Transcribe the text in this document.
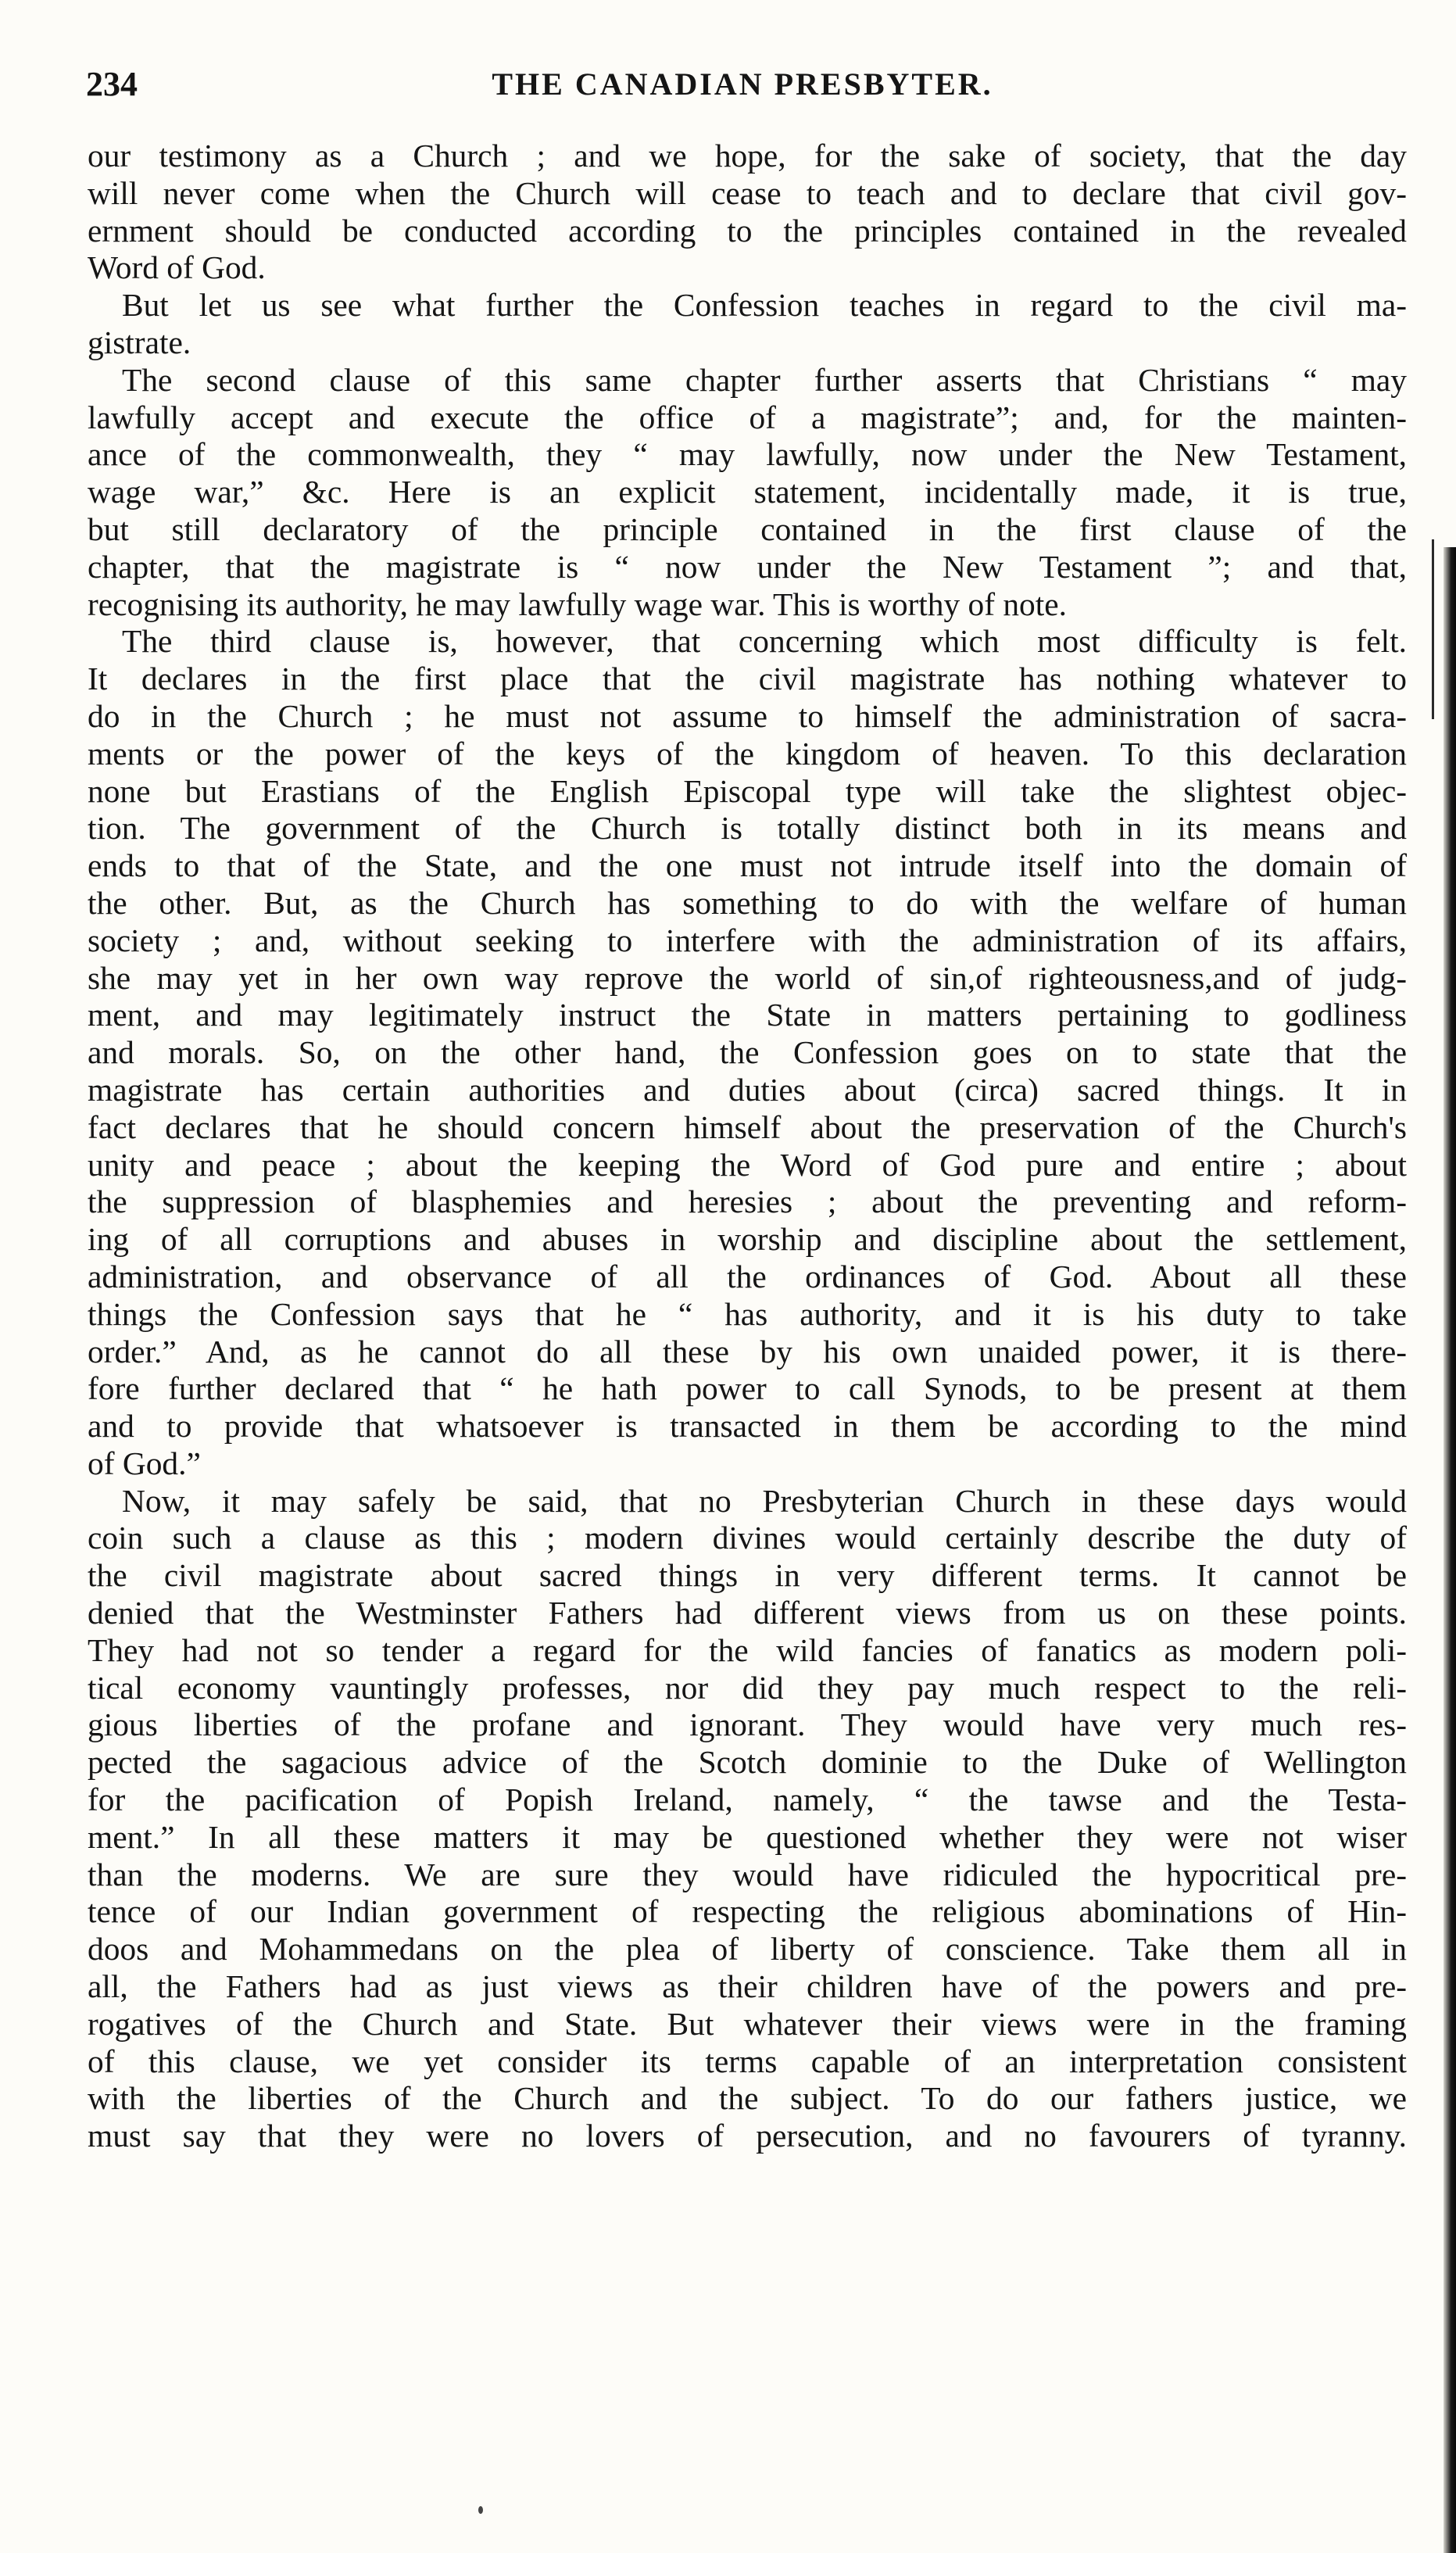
234	THE CANADIAN PRESBYTER.
our testimony as a Church ; and we hope, for the sake of society, that the day
will never come when the Church will cease to teach and to declare that civil gov-
ernment should be conducted according to the principles contained in the revealed
Word of God.
But let us see what further the Confession teaches in regard to the civil ma-
gistrate.
The second clause of this same chapter further asserts that Christians “ may
lawfully accept and execute the office of a magistrate”; and, for the mainten-
ance of the commonwealth, they “ may lawfully, now under the New Testament,
wage war,” &c. Here is an explicit statement, incidentally made, it is true,
but still declaratory of the principle contained in the first clause of the
chapter, that the magistrate is “ now under the New Testament ”; and that,
recognising its authority, he may lawfully wage war. This is worthy of note.
The third clause is, however, that concerning which most difficulty is felt.
It declares in the first place that the civil magistrate has nothing whatever to
do in the Church ; he must not assume to himself the administration of sacra-
ments or the power of the keys of the kingdom of heaven. To this declaration
none but Erastians of the English Episcopal type will take the slightest objec-
tion. The government of the Church is totally distinct both in its means and
ends to that of the State, and the one must not intrude itself into the domain of
the other. But, as the Church has something to do with the welfare of human
society ; and, without seeking to interfere with the administration of its affairs,
she may yet in her own way reprove the world of sin,of righteousness,and of judg-
ment, and may legitimately instruct the State in matters pertaining to godliness
and morals. So, on the other hand, the Confession goes on to state that the
magistrate has certain authorities and duties about (circa) sacred things. It in
fact declares that he should concern himself about the preservation of the Church's
unity and peace ; about the keeping the Word of God pure and entire ; about
the suppression of blasphemies and heresies ; about the preventing and reform-
ing of all corruptions and abuses in worship and discipline about the settlement,
administration, and observance of all the ordinances of God. About all these
things the Confession says that he “ has authority, and it is his duty to take
order.” And, as he cannot do all these by his own unaided power, it is there-
fore further declared that “ he hath power to call Synods, to be present at them
and to provide that whatsoever is transacted in them be according to the mind
of God.”
Now, it may safely be said, that no Presbyterian Church in these days would
coin such a clause as this ; modern divines would certainly describe the duty of
the civil magistrate about sacred things in very different terms. It cannot be
denied that the Westminster Fathers had different views from us on these points.
They had not so tender a regard for the wild fancies of fanatics as modern poli-
tical economy vauntingly professes, nor did they pay much respect to the reli-
gious liberties of the profane and ignorant. They would have very much res-
pected the sagacious advice of the Scotch dominie to the Duke of Wellington
for the pacification of Popish Ireland, namely, “ the tawse and the Testa-
ment.” In all these matters it may be questioned whether they were not wiser
than the moderns. We are sure they would have ridiculed the hypocritical pre-
tence of our Indian government of respecting the religious abominations of Hin-
doos and Mohammedans on the plea of liberty of conscience. Take them all in
all, the Fathers had as just views as their children have of the powers and pre-
rogatives of the Church and State. But whatever their views were in the framing
of this clause, we yet consider its terms capable of an interpretation consistent
with the liberties of the Church and the subject. To do our fathers justice, we
must say that they were no lovers of persecution, and no favourers of tyranny.
